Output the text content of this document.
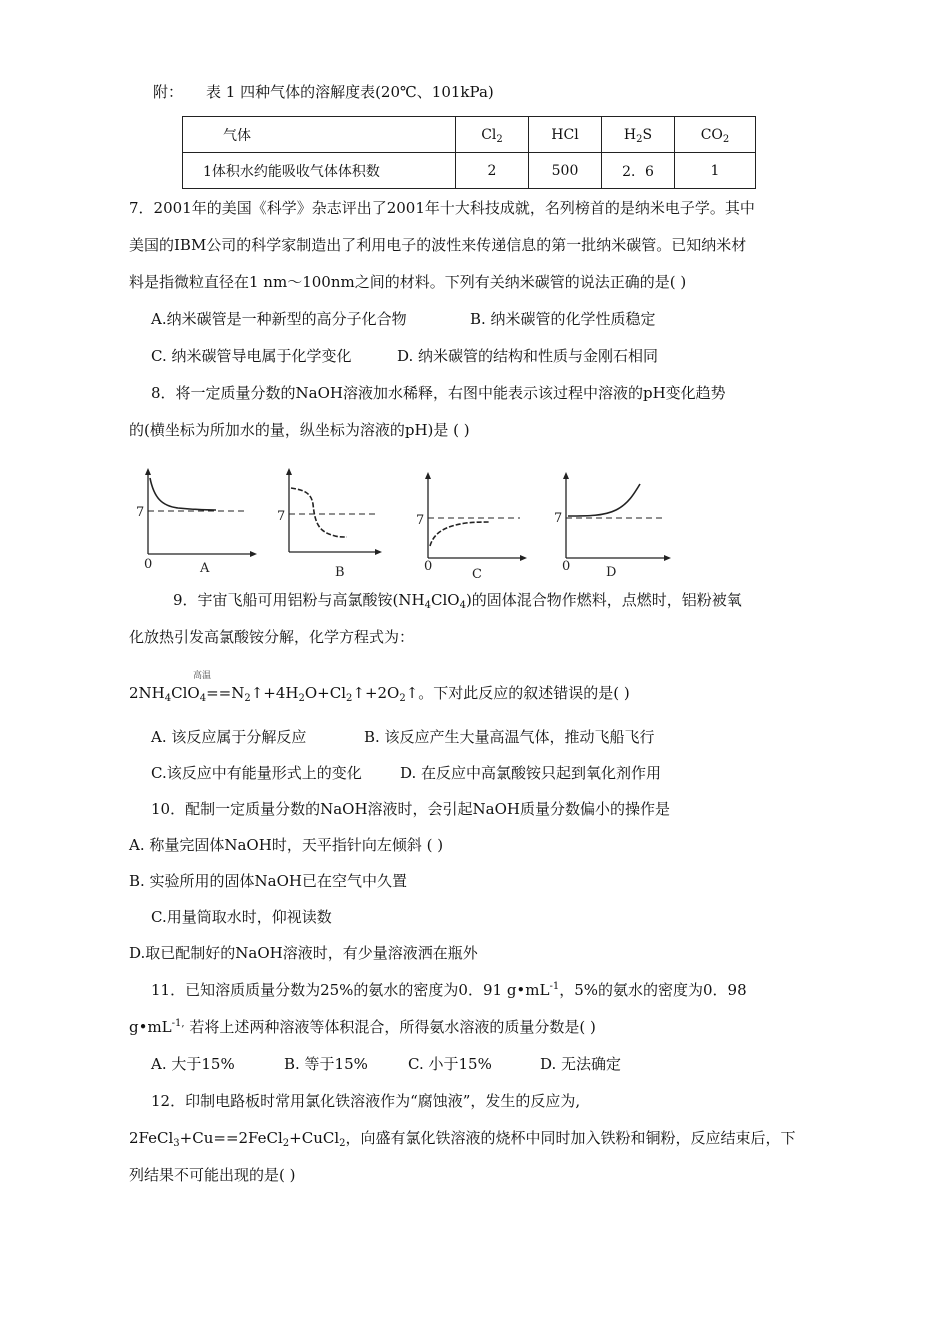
附： 表 1 四种气体的溶解度表(20℃、101kPa)
气体	$Cl_2$	HCl	$H_2S$	$CO_2$
1体积水约能吸收气体体积数	2	500	2．6	1
7．2001年的美国《科学》杂志评出了2001年十大科技成就，名列榜首的是纳米电子学。其中
美国的IBM公司的科学家制造出了利用电子的波性来传递信息的第一批纳米碳管。已知纳米材
料是指微粒直径在1 nm～100nm之间的材料。下列有关纳米碳管的说法正确的是( )
A.纳米碳管是一种新型的高分子化合物	B. 纳米碳管的化学性质稳定
C. 纳米碳管导电属于化学变化	D. 纳米碳管的结构和性质与金刚石相同
8．将一定质量分数的NaOH溶液加水稀释，右图中能表示该过程中溶液的pH变化趋势
的(横坐标为所加水的量，纵坐标为溶液的pH)是 ( )
7
0	A
7
B
7
0
C
7
0	D
9．宇宙飞船可用铝粉与高氯酸铵$(NH_4ClO_4)$的固体混合物作燃料，点燃时，铝粉被氧
化放热引发高氯酸铵分解，化学方程式为：
高温
$2NH_4ClO_4==N_2↑+4H_2O+Cl_2↑+2O_2↑$。下对此反应的叙述错误的是( )
A. 该反应属于分解反应	B. 该反应产生大量高温气体，推动飞船飞行
C.该反应中有能量形式上的变化	D. 在反应中高氯酸铵只起到氧化剂作用
10．配制一定质量分数的NaOH溶液时，会引起NaOH质量分数偏小的操作是
A. 称量完固体NaOH时，天平指针向左倾斜 ( )
B. 实验所用的固体NaOH已在空气中久置
C.用量筒取水时，仰视读数
D.取已配制好的NaOH溶液时，有少量溶液洒在瓶外
11．已知溶质质量分数为25%的氨水的密度为0．91 $g•mL^{-1}$，5%的氨水的密度为0．98
$g•mL^{-1,}$ 若将上述两种溶液等体积混合，所得氨水溶液的质量分数是( )
A. 大于15%	B. 等于15%	C. 小于15%	D. 无法确定
12．印制电路板时常用氯化铁溶液作为“腐蚀液”，发生的反应为,
2FeCl$_3$+Cu==2FeCl$_2$+CuCl$_2$，向盛有氯化铁溶液的烧杯中同时加入铁粉和铜粉，反应结束后，下
列结果不可能出现的是( )
